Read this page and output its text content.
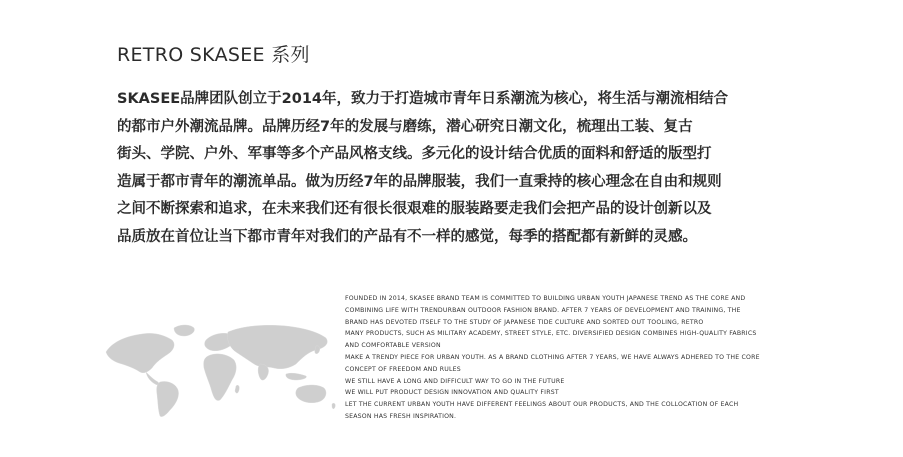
RETRO SKASEE 系列
SKASEE品牌团队创立于2014年，致力于打造城市青年日系潮流为核心，将生活与潮流相结合
的都市户外潮流品牌。品牌历经7年的发展与磨练，潜心研究日潮文化，梳理出工装、复古
街头、学院、户外、军事等多个产品风格支线。多元化的设计结合优质的面料和舒适的版型打
造属于都市青年的潮流单品。做为历经7年的品牌服装，我们一直秉持的核心理念在自由和规则
之间不断探索和追求，在未来我们还有很长很艰难的服装路要走我们会把产品的设计创新以及
品质放在首位让当下都市青年对我们的产品有不一样的感觉，每季的搭配都有新鲜的灵感。
FOUNDED IN 2014, SKASEE BRAND TEAM IS COMMITTED TO BUILDING URBAN YOUTH JAPANESE TREND AS THE CORE AND
COMBINING LIFE WITH TRENDURBAN OUTDOOR FASHION BRAND. AFTER 7 YEARS OF DEVELOPMENT AND TRAINING, THE
BRAND HAS DEVOTED ITSELF TO THE STUDY OF JAPANESE TIDE CULTURE AND SORTED OUT TOOLING, RETRO
MANY PRODUCTS, SUCH AS MILITARY ACADEMY, STREET STYLE, ETC. DIVERSIFIED DESIGN COMBINES HIGH-QUALITY FABRICS
AND COMFORTABLE VERSION
MAKE A TRENDY PIECE FOR URBAN YOUTH. AS A BRAND CLOTHING AFTER 7 YEARS, WE HAVE ALWAYS ADHERED TO THE CORE
CONCEPT OF FREEDOM AND RULES
WE STILL HAVE A LONG AND DIFFICULT WAY TO GO IN THE FUTURE
WE WILL PUT PRODUCT DESIGN INNOVATION AND QUALITY FIRST
LET THE CURRENT URBAN YOUTH HAVE DIFFERENT FEELINGS ABOUT OUR PRODUCTS, AND THE COLLOCATION OF EACH
SEASON HAS FRESH INSPIRATION.
